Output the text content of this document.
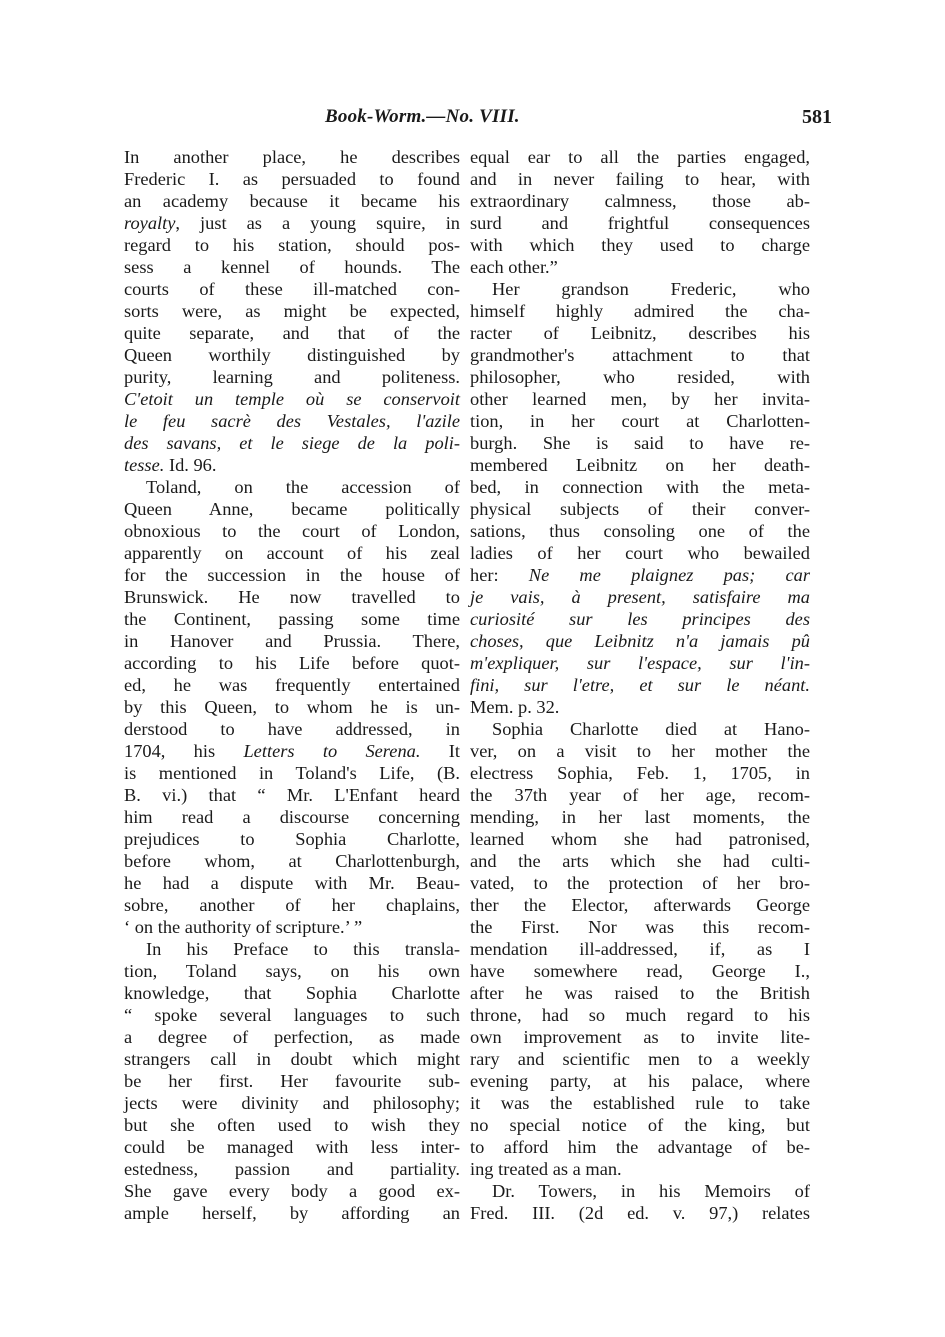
Book-Worm.—No. VIII.	581
In another place, he describes
Frederic I. as persuaded to found
an academy because it became his
royalty, just as a young squire, in
regard to his station, should pos-
sess a kennel of hounds. The
courts of these ill-matched con-
sorts were, as might be expected,
quite separate, and that of the
Queen worthily distinguished by
purity, learning and politeness.
C'etoit un temple où se conservoit
le feu sacrè des Vestales, l'azile
des savans, et le siege de la poli-
tesse. Id. 96.
Toland, on the accession of
Queen Anne, became politically
obnoxious to the court of London,
apparently on account of his zeal
for the succession in the house of
Brunswick. He now travelled to
the Continent, passing some time
in Hanover and Prussia. There,
according to his Life before quot-
ed, he was frequently entertained
by this Queen, to whom he is un-
derstood to have addressed, in
1704, his Letters to Serena. It
is mentioned in Toland's Life, (B.
B. vi.) that “ Mr. L'Enfant heard
him read a discourse concerning
prejudices to Sophia Charlotte,
before whom, at Charlottenburgh,
he had a dispute with Mr. Beau-
sobre, another of her chaplains,
‘ on the authority of scripture.’ ”
In his Preface to this transla-
tion, Toland says, on his own
knowledge, that Sophia Charlotte
“ spoke several languages to such
a degree of perfection, as made
strangers call in doubt which might
be her first. Her favourite sub-
jects were divinity and philosophy;
but she often used to wish they
could be managed with less inter-
estedness, passion and partiality.
She gave every body a good ex-
ample herself, by affording an
equal ear to all the parties engaged,
and in never failing to hear, with
extraordinary calmness, those ab-
surd and frightful consequences
with which they used to charge
each other.”
Her grandson Frederic, who
himself highly admired the cha-
racter of Leibnitz, describes his
grandmother's attachment to that
philosopher, who resided, with
other learned men, by her invita-
tion, in her court at Charlotten-
burgh. She is said to have re-
membered Leibnitz on her death-
bed, in connection with the meta-
physical subjects of their conver-
sations, thus consoling one of the
ladies of her court who bewailed
her: Ne me plaignez pas; car
je vais, à present, satisfaire ma
curiosité sur les principes des
choses, que Leibnitz n'a jamais pû
m'expliquer, sur l'espace, sur l'in-
fini, sur l'etre, et sur le néant.
Mem. p. 32.
Sophia Charlotte died at Hano-
ver, on a visit to her mother the
electress Sophia, Feb. 1, 1705, in
the 37th year of her age, recom-
mending, in her last moments, the
learned whom she had patronised,
and the arts which she had culti-
vated, to the protection of her bro-
ther the Elector, afterwards George
the First. Nor was this recom-
mendation ill-addressed, if, as I
have somewhere read, George I.,
after he was raised to the British
throne, had so much regard to his
own improvement as to invite lite-
rary and scientific men to a weekly
evening party, at his palace, where
it was the established rule to take
no special notice of the king, but
to afford him the advantage of be-
ing treated as a man.
Dr. Towers, in his Memoirs of
Fred. III. (2d ed. v. 97,) relates
